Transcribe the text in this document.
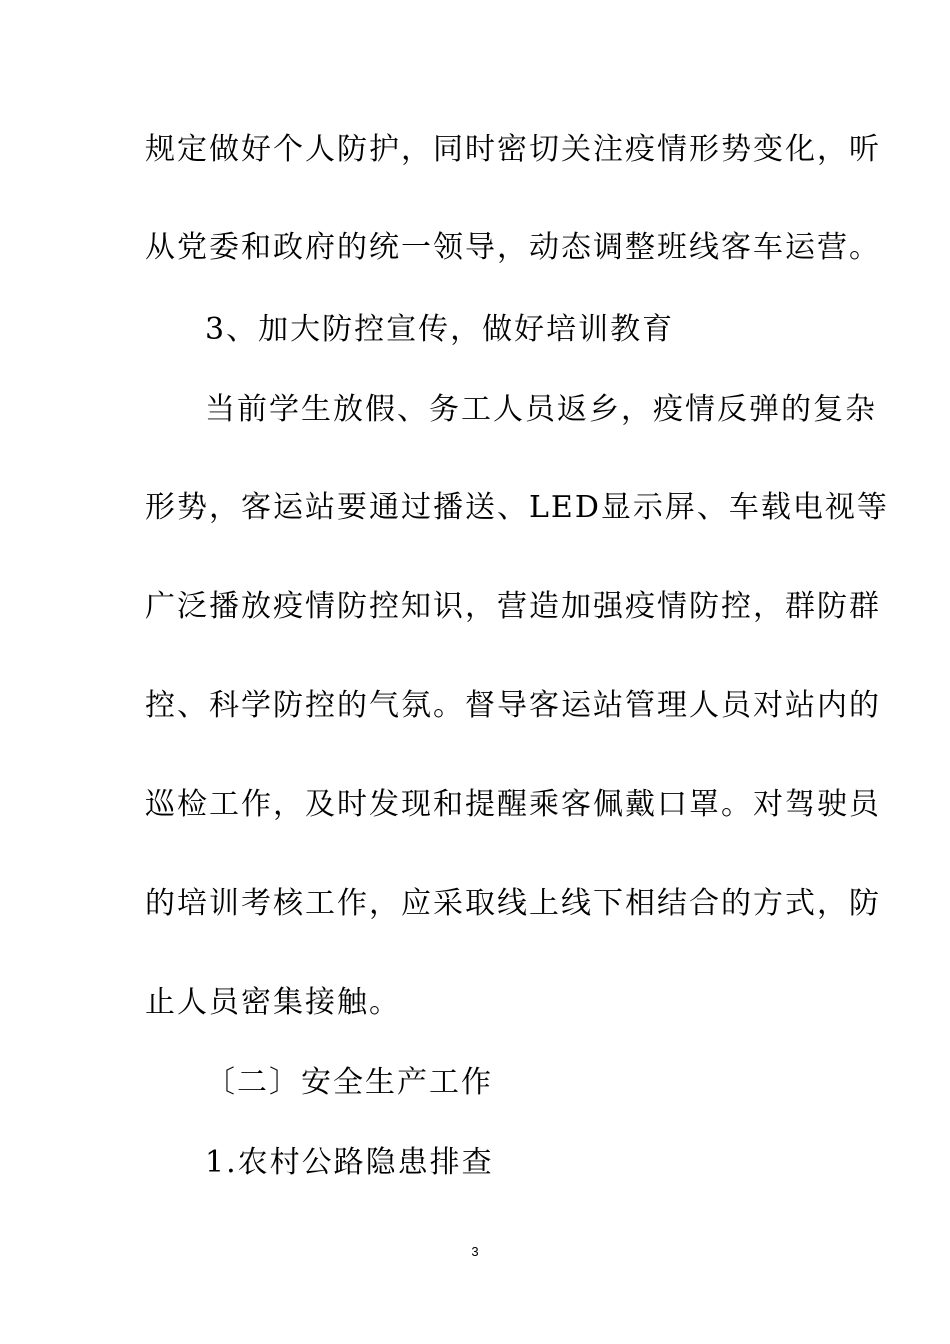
规定做好个人防护，同时密切关注疫情形势变化，听
从党委和政府的统一领导，动态调整班线客车运营。
3、加大防控宣传，做好培训教育
当前学生放假、务工人员返乡，疫情反弹的复杂
形势，客运站要通过播送、LED显示屏、车载电视等
广泛播放疫情防控知识，营造加强疫情防控，群防群
控、科学防控的气氛。督导客运站管理人员对站内的
巡检工作，及时发现和提醒乘客佩戴口罩。对驾驶员
的培训考核工作，应采取线上线下相结合的方式，防
止人员密集接触。
〔二〕安全生产工作
1.农村公路隐患排查
3
